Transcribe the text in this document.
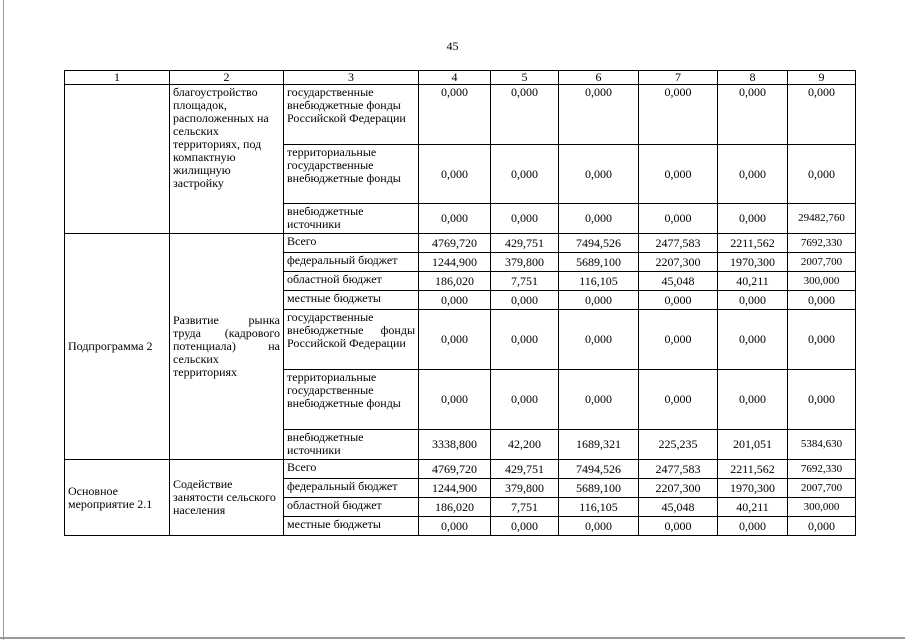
45
1	2	3	4	5	6	7	8	9
	благоустройство площадок, расположенных на сельских территориях, под компактную жилищную застройку	государственные внебюджетные фонды Российской Федерации	0,000	0,000	0,000	0,000	0,000	0,000
		территориальные государственные внебюджетные фонды	0,000	0,000	0,000	0,000	0,000	0,000
		внебюджетные источники	0,000	0,000	0,000	0,000	0,000	29482,760
Подпрограмма 2	Развитие рынка труда (кадрового потенциала) на сельских территориях	Всего	4769,720	429,751	7494,526	2477,583	2211,562	7692,330
		федеральный бюджет	1244,900	379,800	5689,100	2207,300	1970,300	2007,700
		областной бюджет	186,020	7,751	116,105	45,048	40,211	300,000
		местные бюджеты	0,000	0,000	0,000	0,000	0,000	0,000
		государственные внебюджетные фонды Российской Федерации	0,000	0,000	0,000	0,000	0,000	0,000
		территориальные государственные внебюджетные фонды	0,000	0,000	0,000	0,000	0,000	0,000
		внебюджетные источники	3338,800	42,200	1689,321	225,235	201,051	5384,630
Основное мероприятие 2.1	Содействие занятости сельского населения	Всего	4769,720	429,751	7494,526	2477,583	2211,562	7692,330
		федеральный бюджет	1244,900	379,800	5689,100	2207,300	1970,300	2007,700
		областной бюджет	186,020	7,751	116,105	45,048	40,211	300,000
		местные бюджеты	0,000	0,000	0,000	0,000	0,000	0,000
